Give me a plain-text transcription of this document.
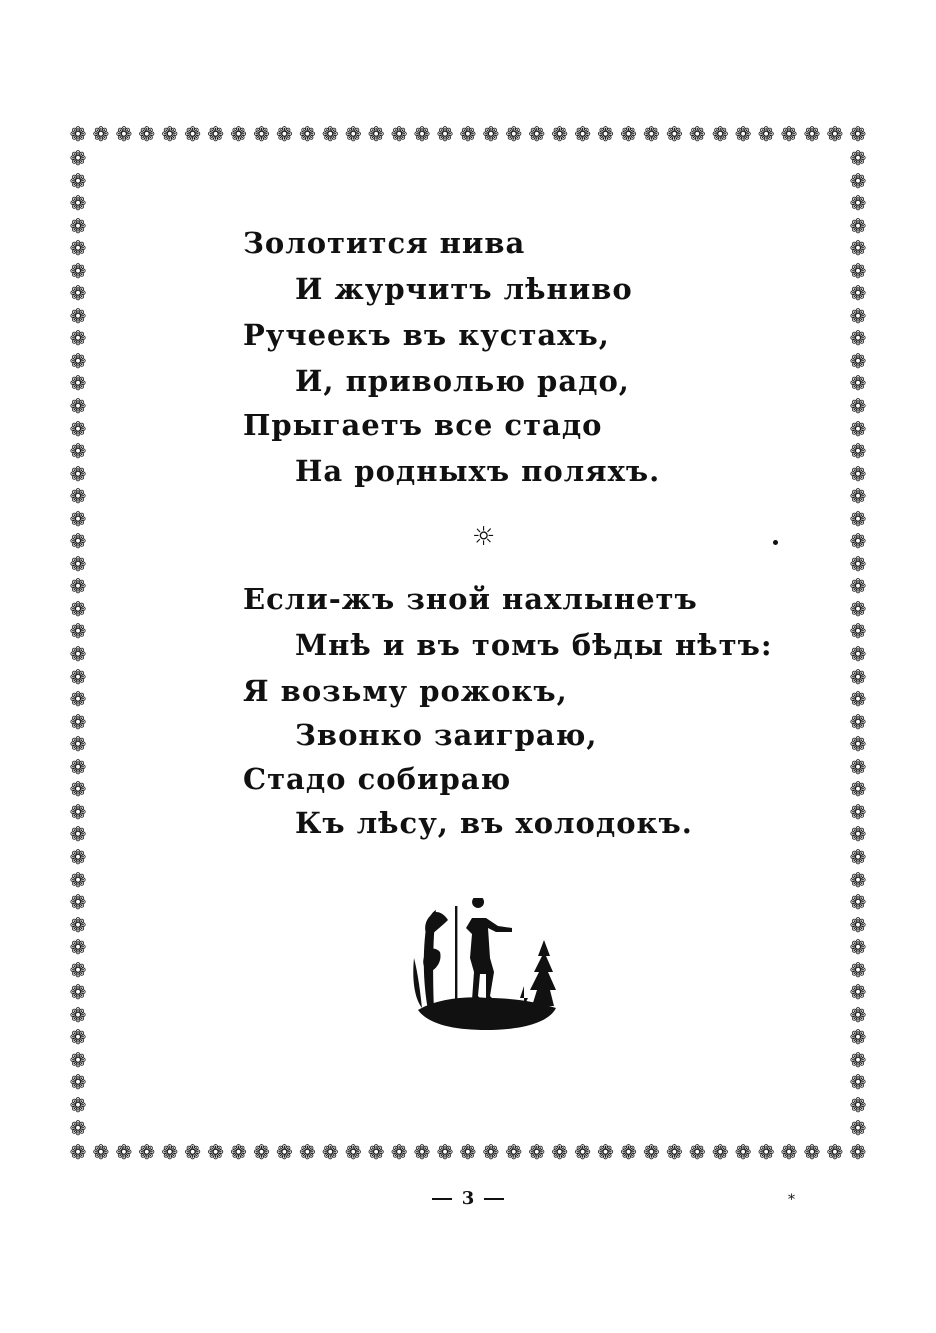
❁ ❁ ❁ ❁ ❁ ❁ ❁ ❁ ❁ ❁ ❁ ❁ ❁ ❁ ❁ ❁ ❁ ❁ ❁ ❁ ❁ ❁ ❁ ❁ ❁ ❁ ❁ ❁ ❁ ❁ ❁ ❁ ❁ ❁ ❁
❁ ❁ ❁ ❁ ❁ ❁ ❁ ❁ ❁ ❁ ❁ ❁ ❁ ❁ ❁ ❁ ❁ ❁ ❁ ❁ ❁ ❁ ❁ ❁ ❁ ❁ ❁ ❁ ❁ ❁ ❁ ❁ ❁ ❁ ❁
❁
❁
❁
❁
❁
❁
❁
❁
❁
❁
❁
❁
❁
❁
❁
❁
❁
❁
❁
❁
❁
❁
❁
❁
❁
❁
❁
❁
❁
❁
❁
❁
❁
❁
❁
❁
❁
❁
❁
❁
❁
❁
❁
❁
❁
❁
❁
❁
❁
❁
❁
❁
❁
❁
❁
❁
❁
❁
❁
❁
❁
❁
❁
❁
❁
❁
❁
❁
❁
❁
❁
❁
❁
❁
❁
❁
❁
❁
❁
❁
❁
❁
❁
❁
❁
❁
❁
❁
Золотится нива
И журчитъ лѣниво
Ручеекъ въ кустахъ,
И, приволью радо,
Прыгаетъ все стадо
На родныхъ поляхъ.
☼
Если-жъ зной нахлынетъ
Мнѣ и въ томъ бѣды нѣтъ:
Я возьму рожокъ,
Звонко заиграю,
Стадо собираю
Къ лѣсу, въ холодокъ.
3	*
